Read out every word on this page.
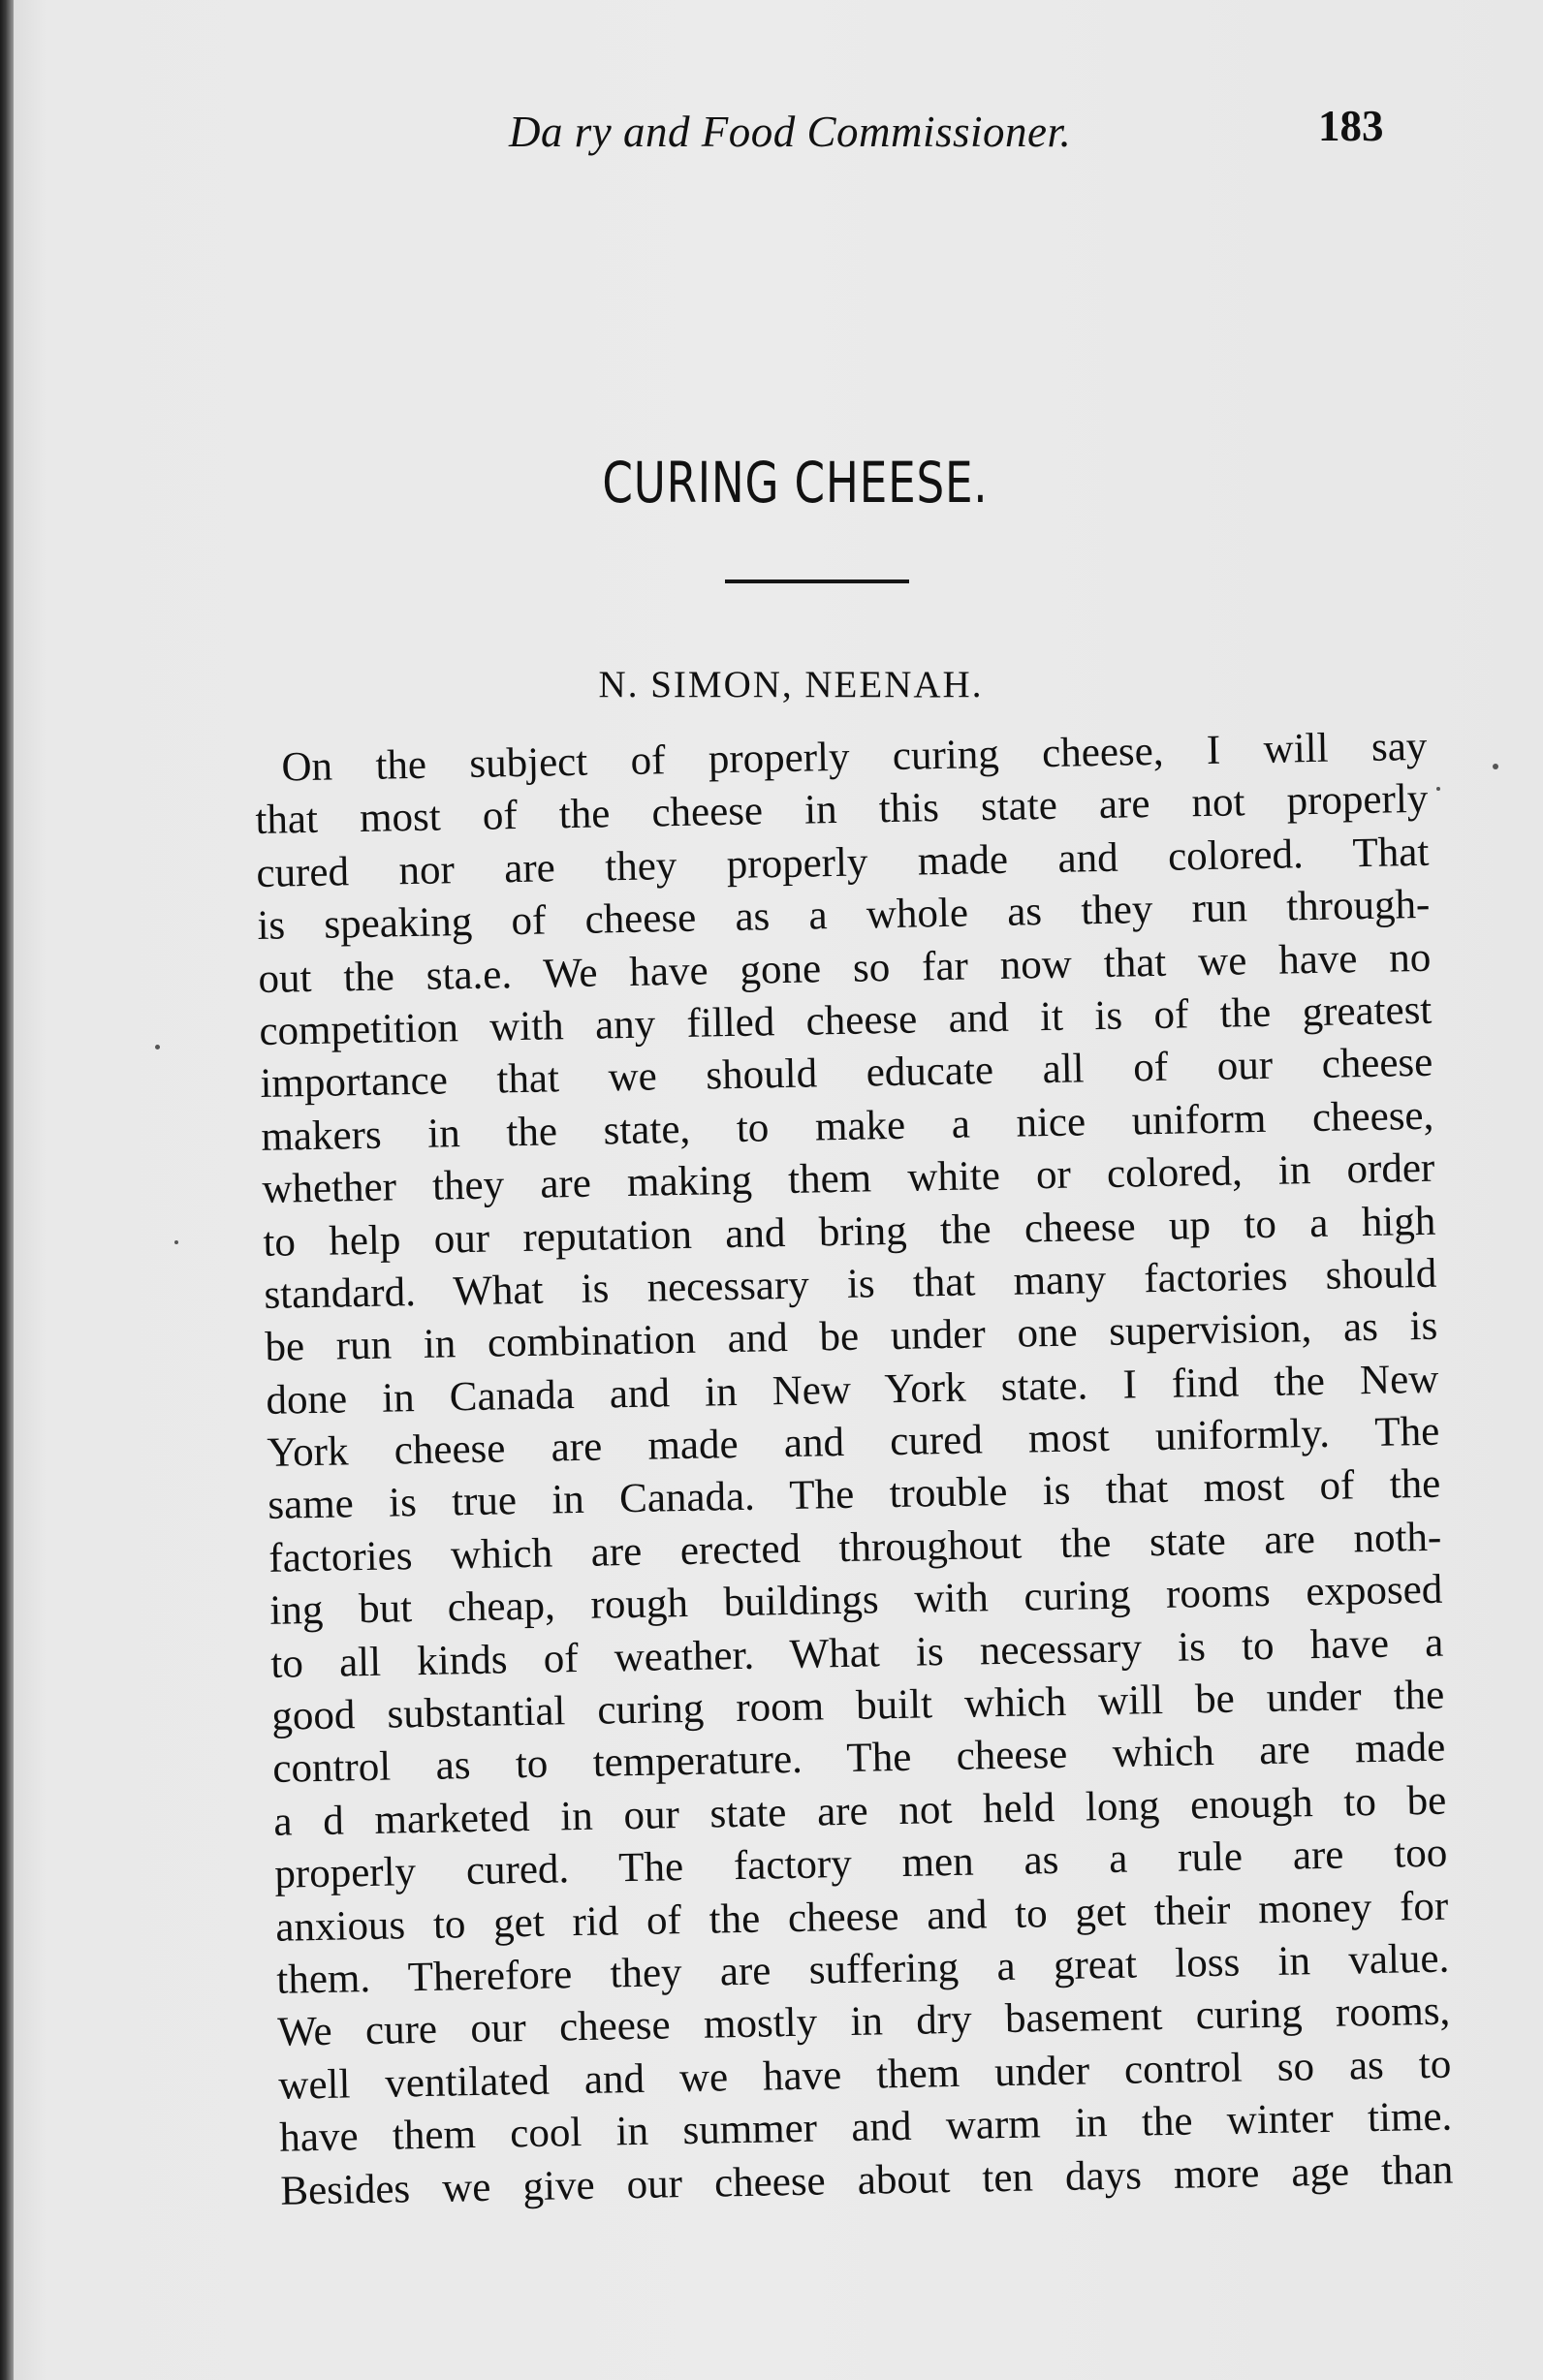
Da ry and Food Commissioner.	183
CURING CHEESE.
N. SIMON, NEENAH.
On the subject of properly curing cheese, I will say
that most of the cheese in this state are not properly
cured nor are they properly made and colored. That
is speaking of cheese as a whole as they run through-
out the sta.e. We have gone so far now that we have no
competition with any filled cheese and it is of the greatest
importance that we should educate all of our cheese
makers in the state, to make a nice uniform cheese,
whether they are making them white or colored, in order
to help our reputation and bring the cheese up to a high
standard. What is necessary is that many factories should
be run in combination and be under one supervision, as is
done in Canada and in New York state. I find the New
York cheese are made and cured most uniformly. The
same is true in Canada. The trouble is that most of the
factories which are erected throughout the state are noth-
ing but cheap, rough buildings with curing rooms exposed
to all kinds of weather. What is necessary is to have a
good substantial curing room built which will be under the
control as to temperature. The cheese which are made
a d marketed in our state are not held long enough to be
properly cured. The factory men as a rule are too
anxious to get rid of the cheese and to get their money for
them. Therefore they are suffering a great loss in value.
We cure our cheese mostly in dry basement curing rooms,
well ventilated and we have them under control so as to
have them cool in summer and warm in the winter time.
Besides we give our cheese about ten days more age than
